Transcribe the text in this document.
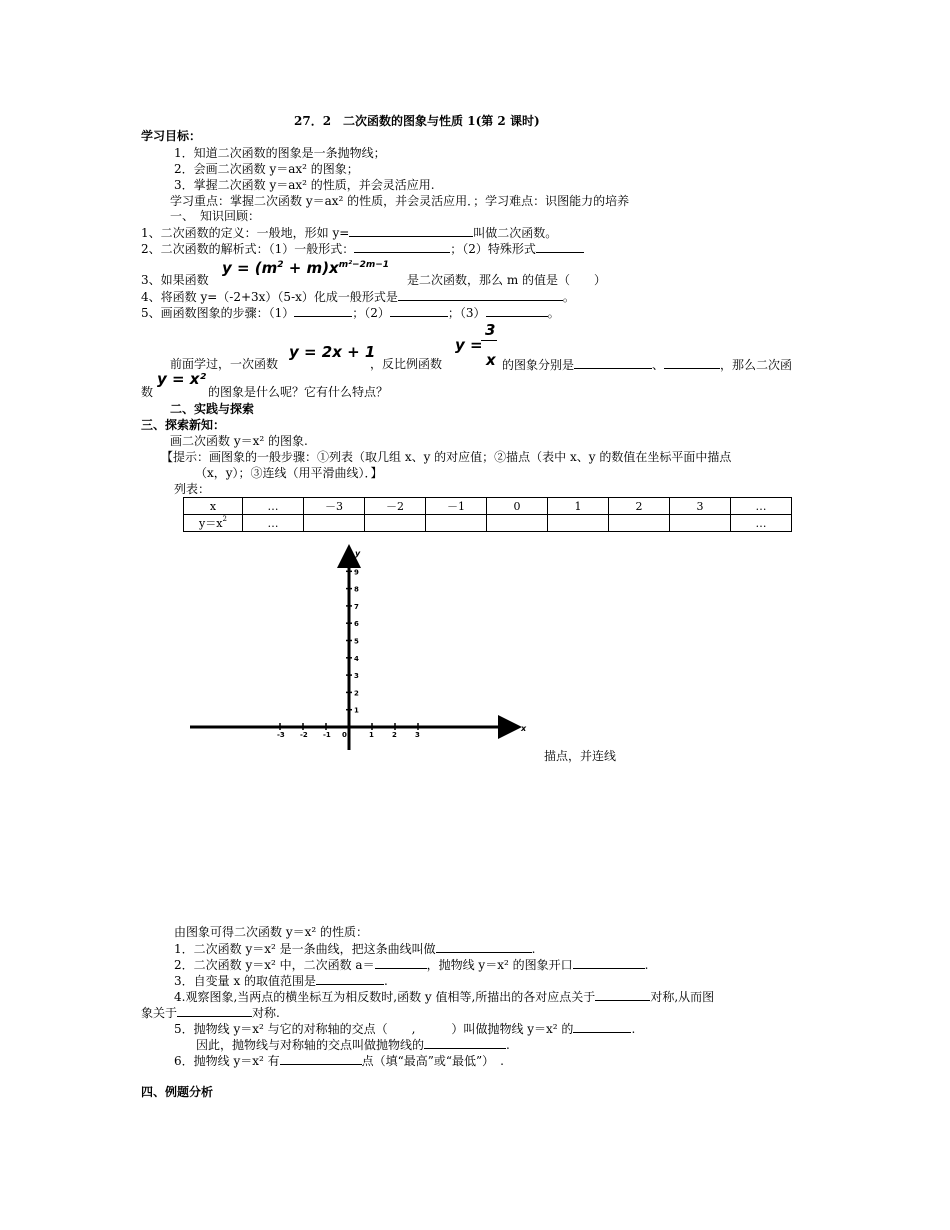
27．2　二次函数的图象与性质 1(第 2 课时)
学习目标：
1．知道二次函数的图象是一条抛物线；
2．会画二次函数 y＝ax² 的图象；
3．掌握二次函数 y＝ax² 的性质，并会灵活应用.
学习重点：掌握二次函数 y＝ax² 的性质，并会灵活应用．；学习难点：识图能力的培养
一、　知识回顾：
1、二次函数的定义：一般地，形如 y=	叫做二次函数。
2、二次函数的解析式：（1）一般形式：	；（2）特殊形式
3、如果函数
$y = (m^2 + m)x^{m^2-2m-1}$
是二次函数，那么 m 的值是（　　）
4、将函数 y=（-2+3x）（5-x）化成一般形式是	。
5、画函数图象的步骤：（1）	；（2）	；（3）	。
前面学过，一次函数
y = 2x + 1
，反比例函数
y =
3
x 的图象分别是	、	，那么二次函
数
y = x²
的图象是什么呢？它有什么特点？
二、实践与探索
三、探索新知：
画二次函数 y＝x² 的图象.
【提示：画图象的一般步骤：①列表（取几组 x、y 的对应值；②描点（表中 x、y 的数值在坐标平面中描点
（x，y）；③连线（用平滑曲线）．】
列表：
x	…	－3	－2	－1	0	1	2	3	…
$y=x^2$	…								…
9
8
7
6
5
4
3
2
1
-3 -2 -1 0	1	2	3
y
x
描点，并连线
由图象可得二次函数 y＝x² 的性质：
1．二次函数 y＝x² 是一条曲线，把这条曲线叫做	.
2．二次函数 y＝x² 中，二次函数 a＝	，抛物线 y＝x² 的图象开口	.
3．自变量 x 的取值范围是	.
4.观察图象,当两点的横坐标互为相反数时,函数 y 值相等,所描出的各对应点关于	对称,从而图
象关于	对称.
5．抛物线 y＝x² 与它的对称轴的交点（　　,　　　）叫做抛物线 y＝x² 的	.
因此，抛物线与对称轴的交点叫做抛物线的	.
6．抛物线 y＝x² 有	点（填“最高”或“最低”）　.
四、例题分析
